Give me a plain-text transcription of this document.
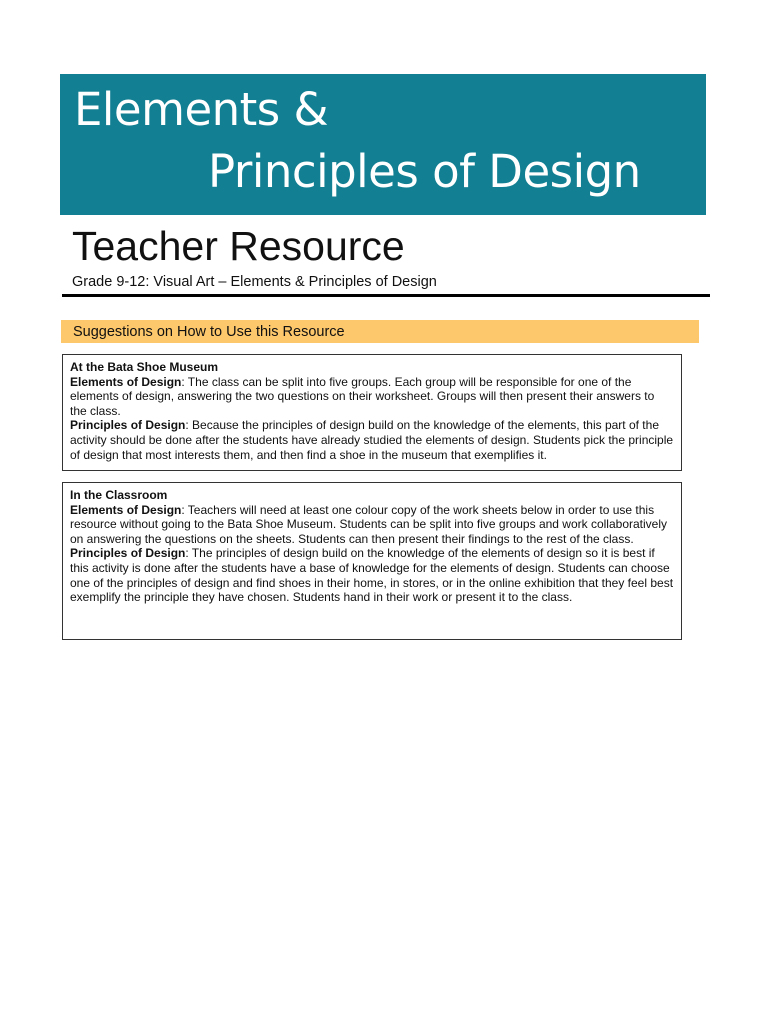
Elements &
Principles of Design
Teacher Resource
Grade 9-12: Visual Art – Elements & Principles of Design
Suggestions on How to Use this Resource
At the Bata Shoe Museum
Elements of Design: The class can be split into five groups. Each group will be responsible for one of the elements of design, answering the two questions on their worksheet. Groups will then present their answers to the class.
Principles of Design: Because the principles of design build on the knowledge of the elements, this part of the activity should be done after the students have already studied the elements of design. Students pick the principle of design that most interests them, and then find a shoe in the museum that exemplifies it.
In the Classroom
Elements of Design: Teachers will need at least one colour copy of the work sheets below in order to use this resource without going to the Bata Shoe Museum. Students can be split into five groups and work collaboratively on answering the questions on the sheets. Students can then present their findings to the rest of the class.
Principles of Design: The principles of design build on the knowledge of the elements of design so it is best if this activity is done after the students have a base of knowledge for the elements of design. Students can choose one of the principles of design and find shoes in their home, in stores, or in the online exhibition that they feel best exemplify the principle they have chosen. Students hand in their work or present it to the class.
